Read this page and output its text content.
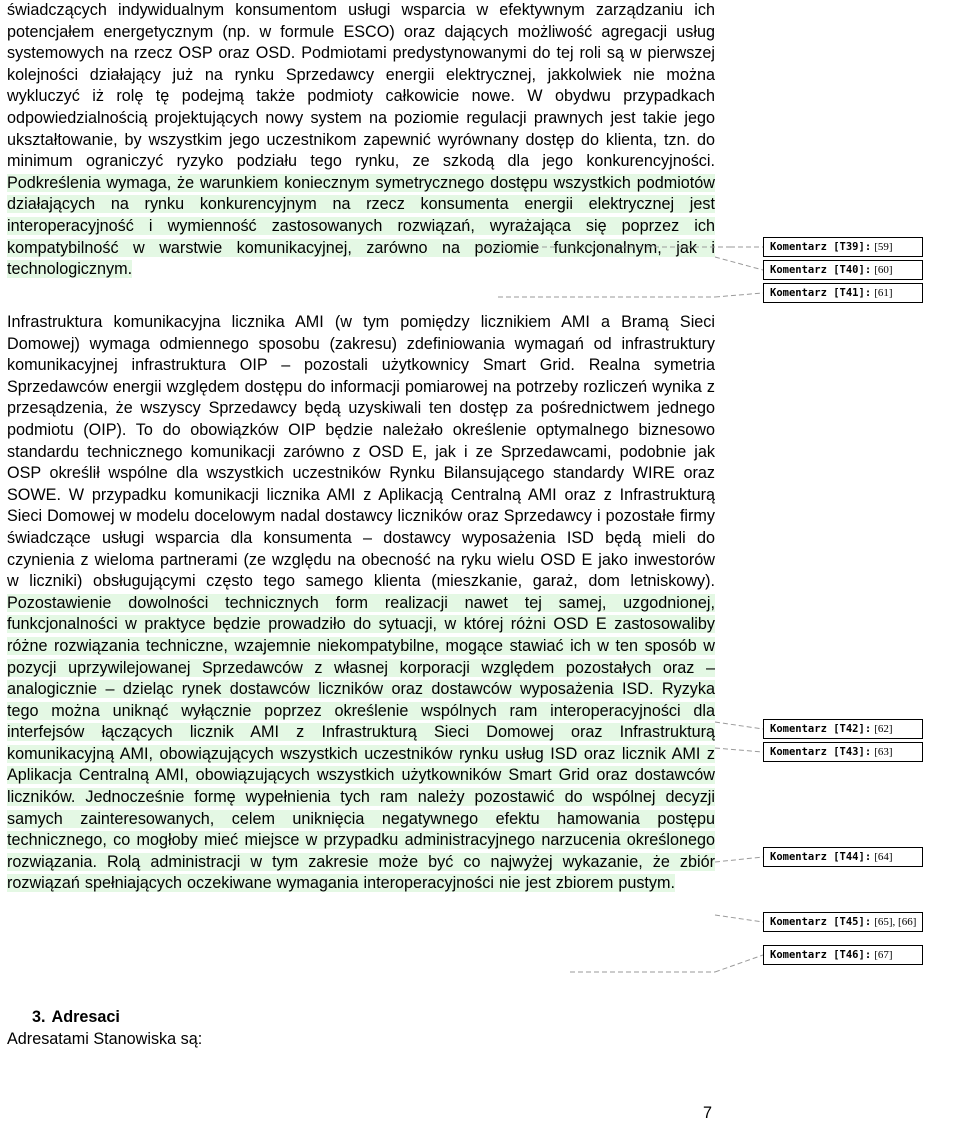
świadczących indywidualnym konsumentom usługi wsparcia w efektywnym zarządzaniu ich potencjałem energetycznym (np. w formule ESCO) oraz dających możliwość agregacji usług systemowych na rzecz OSP oraz OSD. Podmiotami predystynowanymi do tej roli są w pierwszej kolejności działający już na rynku Sprzedawcy energii elektrycznej, jakkolwiek nie można wykluczyć iż rolę tę podejmą także podmioty całkowicie nowe. W obydwu przypadkach odpowiedzialnością projektujących nowy system na poziomie regulacji prawnych jest takie jego ukształtowanie, by wszystkim jego uczestnikom zapewnić wyrównany dostęp do klienta, tzn. do minimum ograniczyć ryzyko podziału tego rynku, ze szkodą dla jego konkurencyjności. Podkreślenia wymaga, że warunkiem koniecznym symetrycznego dostępu wszystkich podmiotów działających na rynku konkurencyjnym na rzecz konsumenta energii elektrycznej jest interoperacyjność i wymienność zastosowanych rozwiązań, wyrażająca się poprzez ich kompatybilność w warstwie komunikacyjnej, zarówno na poziomie funkcjonalnym, jak i technologicznym.

Infrastruktura komunikacyjna licznika AMI (w tym pomiędzy licznikiem AMI a Bramą Sieci Domowej) wymaga odmiennego sposobu (zakresu) zdefiniowania wymagań od infrastruktury komunikacyjnej infrastruktura OIP – pozostali użytkownicy Smart Grid. Realna symetria Sprzedawców energii względem dostępu do informacji pomiarowej na potrzeby rozliczeń wynika z przesądzenia, że wszyscy Sprzedawcy będą uzyskiwali ten dostęp za pośrednictwem jednego podmiotu (OIP). To do obowiązków OIP będzie należało określenie optymalnego biznesowo standardu technicznego komunikacji zarówno z OSD E, jak i ze Sprzedawcami, podobnie jak OSP określił wspólne dla wszystkich uczestników Rynku Bilansującego standardy WIRE oraz SOWE. W przypadku komunikacji licznika AMI z Aplikacją Centralną AMI oraz z Infrastrukturą Sieci Domowej w modelu docelowym nadal dostawcy liczników oraz Sprzedawcy i pozostałe firmy świadczące usługi wsparcia dla konsumenta – dostawcy wyposażenia ISD będą mieli do czynienia z wieloma partnerami (ze względu na obecność na ryku wielu OSD E jako inwestorów w liczniki) obsługującymi często tego samego klienta (mieszkanie, garaż, dom letniskowy). Pozostawienie dowolności technicznych form realizacji nawet tej samej, uzgodnionej, funkcjonalności w praktyce będzie prowadziło do sytuacji, w której różni OSD E zastosowaliby różne rozwiązania techniczne, wzajemnie niekompatybilne, mogące stawiać ich w ten sposób w pozycji uprzywilejowanej Sprzedawców z własnej korporacji względem pozostałych oraz – analogicznie – dzieląc rynek dostawców liczników oraz dostawców wyposażenia ISD. Ryzyka tego można uniknąć wyłącznie poprzez określenie wspólnych ram interoperacyjności dla interfejsów łączących licznik AMI z Infrastrukturą Sieci Domowej oraz Infrastrukturą komunikacyjną AMI, obowiązujących wszystkich uczestników rynku usług ISD oraz licznik AMI z Aplikacja Centralną AMI, obowiązujących wszystkich użytkowników Smart Grid oraz dostawców liczników. Jednocześnie formę wypełnienia tych ram należy pozostawić do wspólnej decyzji samych zainteresowanych, celem uniknięcia negatywnego efektu hamowania postępu technicznego, co mogłoby mieć miejsce w przypadku administracyjnego narzucenia określonego rozwiązania. Rolą administracji w tym zakresie może być co najwyżej wykazanie, że zbiór rozwiązań spełniających oczekiwane wymagania interoperacyjności nie jest zbiorem pustym.

3. Adresaci

Adresatami Stanowiska są:

7
Komentarz [T39]: [59]
Komentarz [T40]: [60]
Komentarz [T41]: [61]
Komentarz [T42]: [62]
Komentarz [T43]: [63]
Komentarz [T44]: [64]
Komentarz [T45]: [65], [66]
Komentarz [T46]: [67]
